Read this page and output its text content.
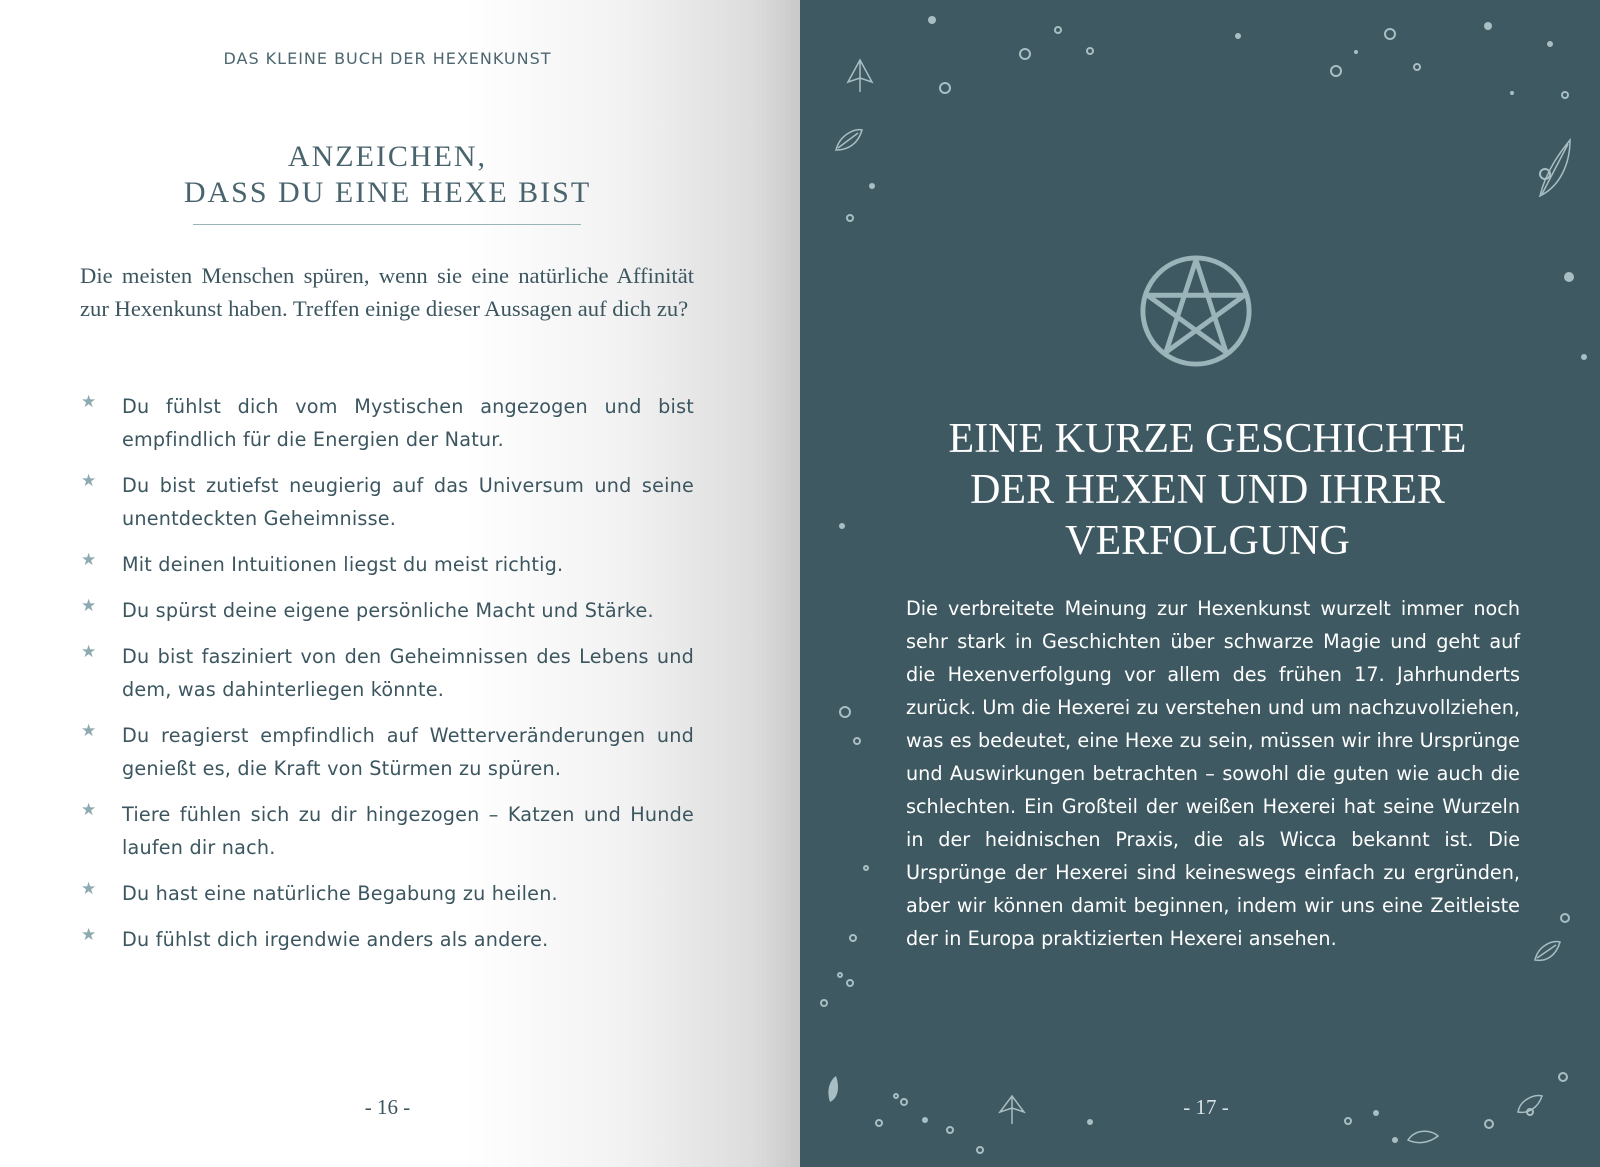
DAS KLEINE BUCH DER HEXENKUNST
ANZEICHEN,
DASS DU EINE HEXE BIST
Die meisten Menschen spüren, wenn sie eine natürliche Affinität zur Hexenkunst haben. Treffen einige dieser Aussagen auf dich zu?
★ Du fühlst dich vom Mystischen angezogen und bist empfindlich für die Energien der Natur.
★ Du bist zutiefst neugierig auf das Universum und seine unentdeckten Geheimnisse.
★ Mit deinen Intuitionen liegst du meist richtig.
★ Du spürst deine eigene persönliche Macht und Stärke.
★ Du bist fasziniert von den Geheimnissen des Lebens und dem, was dahinterliegen könnte.
★ Du reagierst empfindlich auf Wetterveränderungen und genießt es, die Kraft von Stürmen zu spüren.
★ Tiere fühlen sich zu dir hingezogen – Katzen und Hunde laufen dir nach.
★ Du hast eine natürliche Begabung zu heilen.
★ Du fühlst dich irgendwie anders als andere.
- 16 -
EINE KURZE GESCHICHTE
DER HEXEN UND IHRER
VERFOLGUNG
Die verbreitete Meinung zur Hexenkunst wurzelt immer noch sehr stark in Geschichten über schwarze Magie und geht auf die Hexenverfolgung vor allem des frühen 17. Jahrhunderts zurück. Um die Hexerei zu verstehen und um nachzuvollziehen, was es bedeutet, eine Hexe zu sein, müssen wir ihre Ursprünge und Auswirkungen betrachten – sowohl die guten wie auch die schlechten. Ein Großteil der weißen Hexerei hat seine Wurzeln in der heidnischen Praxis, die als Wicca bekannt ist. Die Ursprünge der Hexerei sind keineswegs einfach zu ergründen, aber wir können damit beginnen, indem wir uns eine Zeitleiste der in Europa praktizierten Hexerei ansehen.
- 17 -
